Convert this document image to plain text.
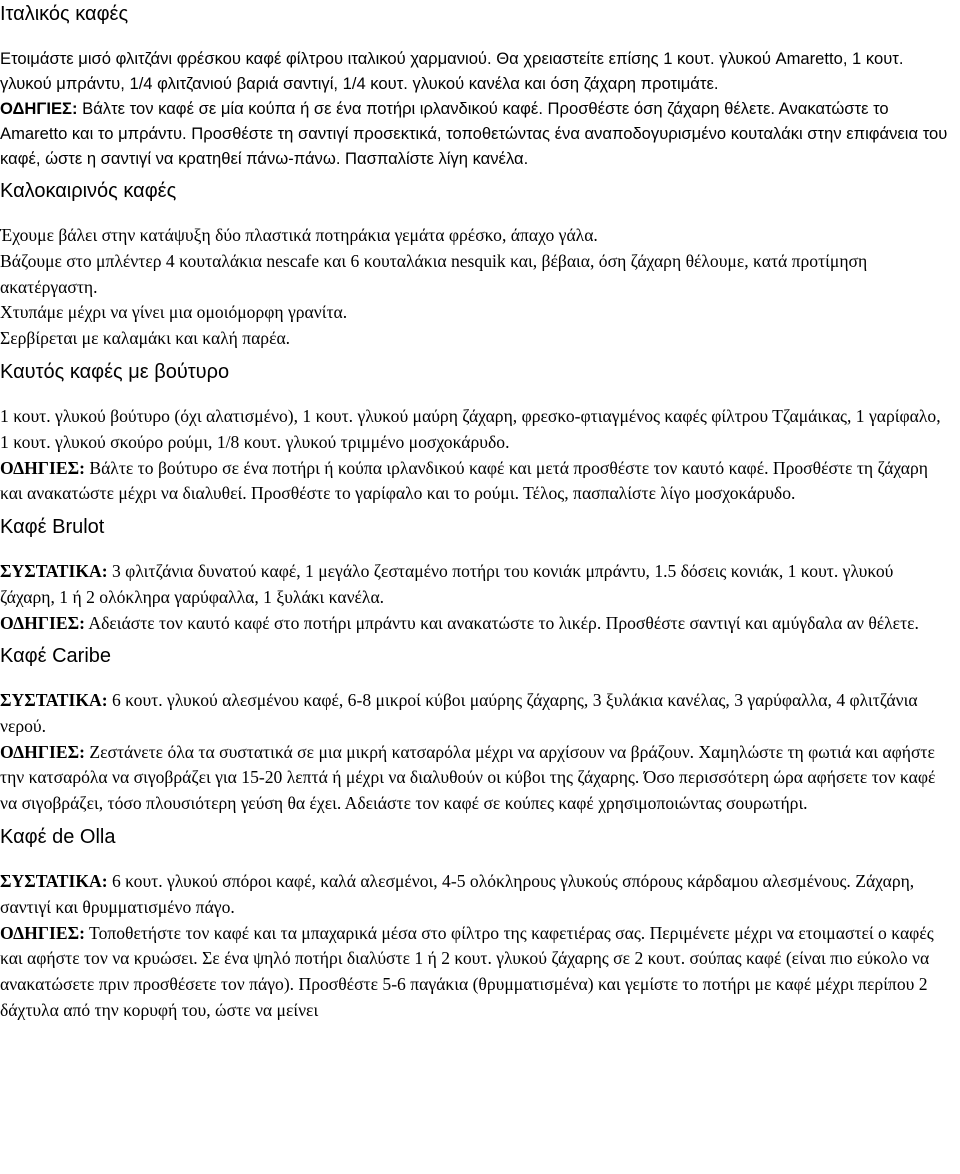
Ιταλικός καφές
Ετοιμάστε μισό φλιτζάνι φρέσκου καφέ φίλτρου ιταλικού χαρμανιού. Θα χρειαστείτε επίσης 1 κουτ. γλυκού Amaretto, 1 κουτ. γλυκού μπράντυ, 1/4 φλιτζανιού βαριά σαντιγί, 1/4 κουτ. γλυκού κανέλα και όση ζάχαρη προτιμάτε.
ΟΔΗΓΙΕΣ: Βάλτε τον καφέ σε μία κούπα ή σε ένα ποτήρι ιρλανδικού καφέ. Προσθέστε όση ζάχαρη θέλετε. Ανακατώστε το Amaretto και το μπράντυ. Προσθέστε τη σαντιγί προσεκτικά, τοποθετώντας ένα αναποδογυρισμένο κουταλάκι στην επιφάνεια του καφέ, ώστε η σαντιγί να κρατηθεί πάνω-πάνω. Πασπαλίστε λίγη κανέλα.
Καλοκαιρινός καφές
Έχουμε βάλει στην κατάψυξη δύο πλαστικά ποτηράκια γεμάτα φρέσκο, άπαχο γάλα.
Βάζουμε στο μπλέντερ 4 κουταλάκια nescafe και 6 κουταλάκια nesquik και, βέβαια, όση ζάχαρη θέλουμε, κατά προτίμηση ακατέργαστη.
Χτυπάμε μέχρι να γίνει μια ομοιόμορφη γρανίτα.
Σερβίρεται με καλαμάκι και καλή παρέα.
Καυτός καφές με βούτυρο
1 κουτ. γλυκού βούτυρο (όχι αλατισμένο), 1 κουτ. γλυκού μαύρη ζάχαρη, φρεσκο-φτιαγμένος καφές φίλτρου Τζαμάικας, 1 γαρίφαλο, 1 κουτ. γλυκού σκούρο ρούμι, 1/8 κουτ. γλυκού τριμμένο μοσχοκάρυδο.
ΟΔΗΓΙΕΣ: Βάλτε το βούτυρο σε ένα ποτήρι ή κούπα ιρλανδικού καφέ και μετά προσθέστε τον καυτό καφέ. Προσθέστε τη ζάχαρη και ανακατώστε μέχρι να διαλυθεί. Προσθέστε το γαρίφαλο και το ρούμι. Τέλος, πασπαλίστε λίγο μοσχοκάρυδο.
Καφέ Brulot
ΣΥΣΤΑΤΙΚΑ: 3 φλιτζάνια δυνατού καφέ, 1 μεγάλο ζεσταμένο ποτήρι του κονιάκ μπράντυ, 1.5 δόσεις κονιάκ, 1 κουτ. γλυκού ζάχαρη, 1 ή 2 ολόκληρα γαρύφαλλα, 1 ξυλάκι κανέλα.
ΟΔΗΓΙΕΣ: Αδειάστε τον καυτό καφέ στο ποτήρι μπράντυ και ανακατώστε το λικέρ. Προσθέστε σαντιγί και αμύγδαλα αν θέλετε.
Καφέ Caribe
ΣΥΣΤΑΤΙΚΑ: 6 κουτ. γλυκού αλεσμένου καφέ, 6-8 μικροί κύβοι μαύρης ζάχαρης, 3 ξυλάκια κανέλας, 3 γαρύφαλλα, 4 φλιτζάνια νερού.
ΟΔΗΓΙΕΣ: Ζεστάνετε όλα τα συστατικά σε μια μικρή κατσαρόλα μέχρι να αρχίσουν να βράζουν. Χαμηλώστε τη φωτιά και αφήστε την κατσαρόλα να σιγοβράζει για 15-20 λεπτά ή μέχρι να διαλυθούν οι κύβοι της ζάχαρης. Όσο περισσότερη ώρα αφήσετε τον καφέ να σιγοβράζει, τόσο πλουσιότερη γεύση θα έχει. Αδειάστε τον καφέ σε κούπες καφέ χρησιμοποιώντας σουρωτήρι.
Καφέ de Olla
ΣΥΣΤΑΤΙΚΑ: 6 κουτ. γλυκού σπόροι καφέ, καλά αλεσμένοι, 4-5 ολόκληρους γλυκούς σπόρους κάρδαμου αλεσμένους. Ζάχαρη, σαντιγί και θρυμματισμένο πάγο.
ΟΔΗΓΙΕΣ: Τοποθετήστε τον καφέ και τα μπαχαρικά μέσα στο φίλτρο της καφετιέρας σας. Περιμένετε μέχρι να ετοιμαστεί ο καφές και αφήστε τον να κρυώσει. Σε ένα ψηλό ποτήρι διαλύστε 1 ή 2 κουτ. γλυκού ζάχαρης σε 2 κουτ. σούπας καφέ (είναι πιο εύκολο να ανακατώσετε πριν προσθέσετε τον πάγο). Προσθέστε 5-6 παγάκια (θρυμματισμένα) και γεμίστε το ποτήρι με καφέ μέχρι περίπου 2 δάχτυλα από την κορυφή του, ώστε να μείνει
